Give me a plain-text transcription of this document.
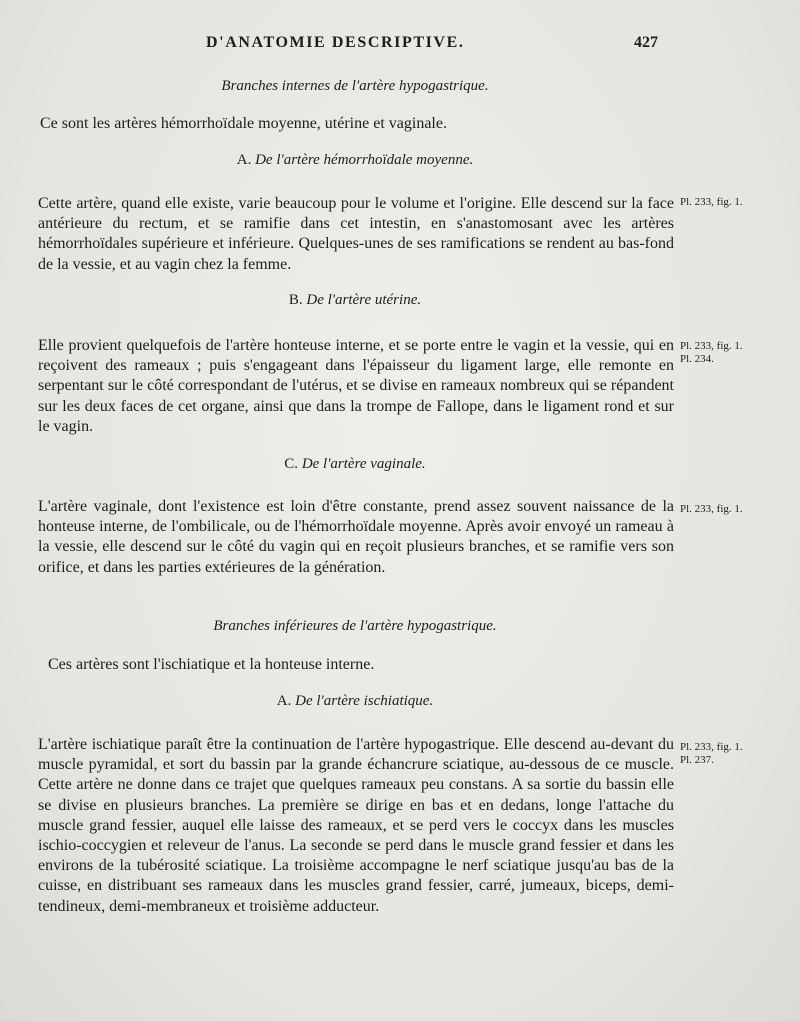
D'ANATOMIE DESCRIPTIVE.	427
Branches internes de l'artère hypogastrique.
Ce sont les artères hémorrhoïdale moyenne, utérine et vaginale.
A. De l'artère hémorrhoïdale moyenne.
Cette artère, quand elle existe, varie beaucoup pour le volume et l'origine. Elle descend sur la face antérieure du rectum, et se ramifie dans cet intestin, en s'anastomosant avec les artères hémorrhoïdales supérieure et inférieure. Quelques-unes de ses ramifications se rendent au bas-fond de la vessie, et au vagin chez la femme.
Pl. 233, fig. 1.
B. De l'artère utérine.
Elle provient quelquefois de l'artère honteuse interne, et se porte entre le vagin et la vessie, qui en reçoivent des rameaux ; puis s'engageant dans l'épaisseur du ligament large, elle remonte en serpentant sur le côté correspondant de l'utérus, et se divise en rameaux nombreux qui se répandent sur les deux faces de cet organe, ainsi que dans la trompe de Fallope, dans le ligament rond et sur le vagin.
Pl. 233, fig. 1.
Pl. 234.
C. De l'artère vaginale.
L'artère vaginale, dont l'existence est loin d'être constante, prend assez souvent naissance de la honteuse interne, de l'ombilicale, ou de l'hémorrhoïdale moyenne. Après avoir envoyé un rameau à la vessie, elle descend sur le côté du vagin qui en reçoit plusieurs branches, et se ramifie vers son orifice, et dans les parties extérieures de la génération.
Pl. 233, fig. 1.
Branches inférieures de l'artère hypogastrique.
Ces artères sont l'ischiatique et la honteuse interne.
A. De l'artère ischiatique.
L'artère ischiatique paraît être la continuation de l'artère hypogastrique. Elle descend au-devant du muscle pyramidal, et sort du bassin par la grande échancrure sciatique, au-dessous de ce muscle. Cette artère ne donne dans ce trajet que quelques rameaux peu constans. A sa sortie du bassin elle se divise en plusieurs branches. La première se dirige en bas et en dedans, longe l'attache du muscle grand fessier, auquel elle laisse des rameaux, et se perd vers le coccyx dans les muscles ischio-coccygien et releveur de l'anus. La seconde se perd dans le muscle grand fessier et dans les environs de la tubérosité sciatique. La troisième accompagne le nerf sciatique jusqu'au bas de la cuisse, en distribuant ses rameaux dans les muscles grand fessier, carré, jumeaux, biceps, demi-tendineux, demi-membraneux et troisième adducteur.
Pl. 233, fig. 1.
Pl. 237.
